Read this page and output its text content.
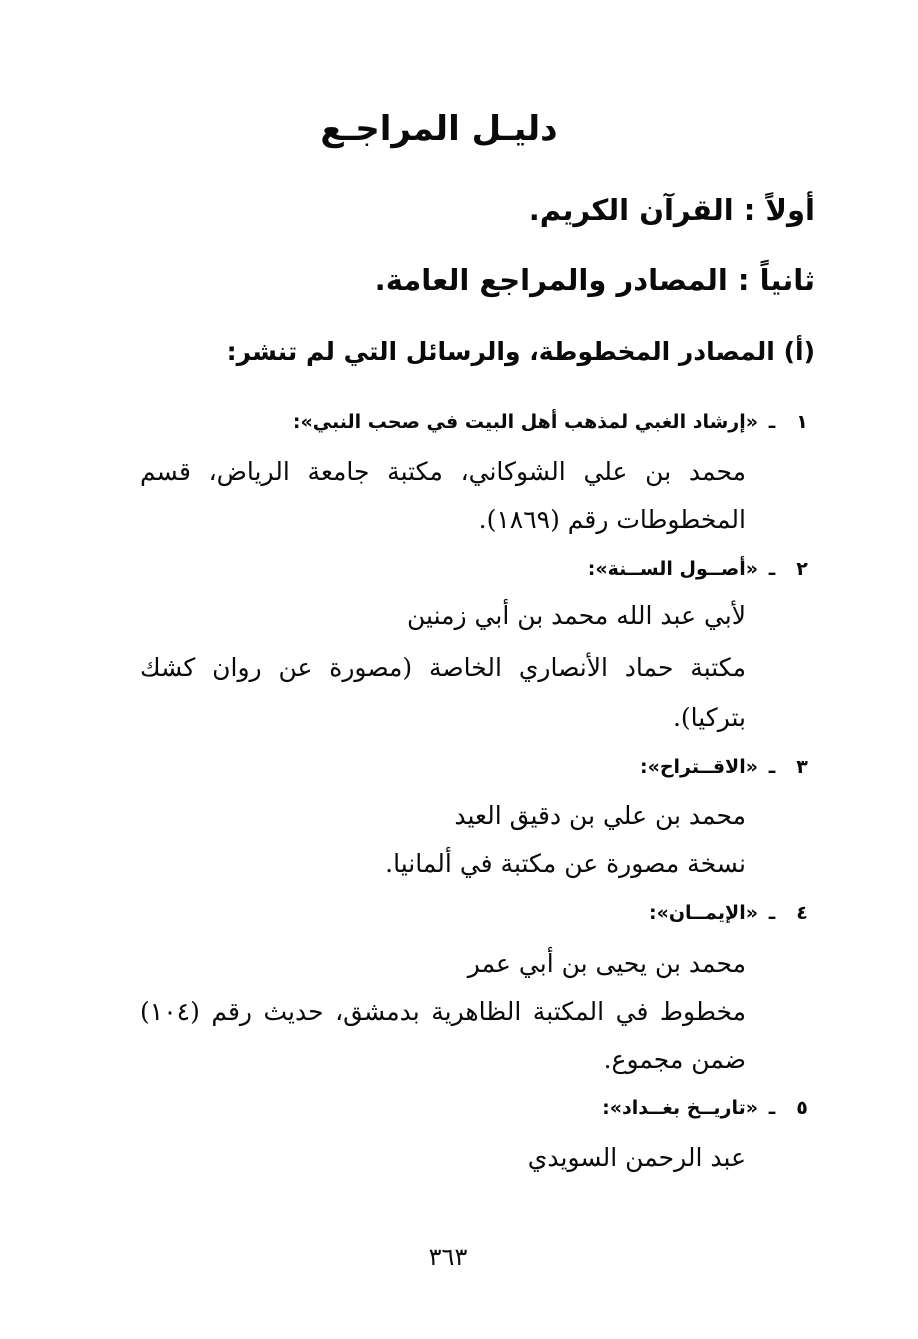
دليـل المراجـع
أولاً : القرآن الكريم.
ثانياً : المصادر والمراجع العامة.
(أ) المصادر المخطوطة، والرسائل التي لم تنشر:
١ـ«إرشاد الغبي لمذهب أهل البيت في صحب النبي»:
محمد بن علي الشوكاني، مكتبة جامعة الرياض، قسم
المخطوطات رقم (١٨٦٩).
٢ـ«أصــول الســنة»:
لأبي عبد الله محمد بن أبي زمنين
مكتبة حماد الأنصاري الخاصة (مصورة عن روان كشك
بتركيا).
٣ـ«الاقــتراح»:
محمد بن علي بن دقيق العيد
نسخة مصورة عن مكتبة في ألمانيا.
٤ـ«الإيمــان»:
محمد بن يحيى بن أبي عمر
مخطوط في المكتبة الظاهرية بدمشق، حديث رقم (١٠٤)
ضمن مجموع.
٥ـ«تاريــخ بغــداد»:
عبد الرحمن السويدي
٣٦٣
